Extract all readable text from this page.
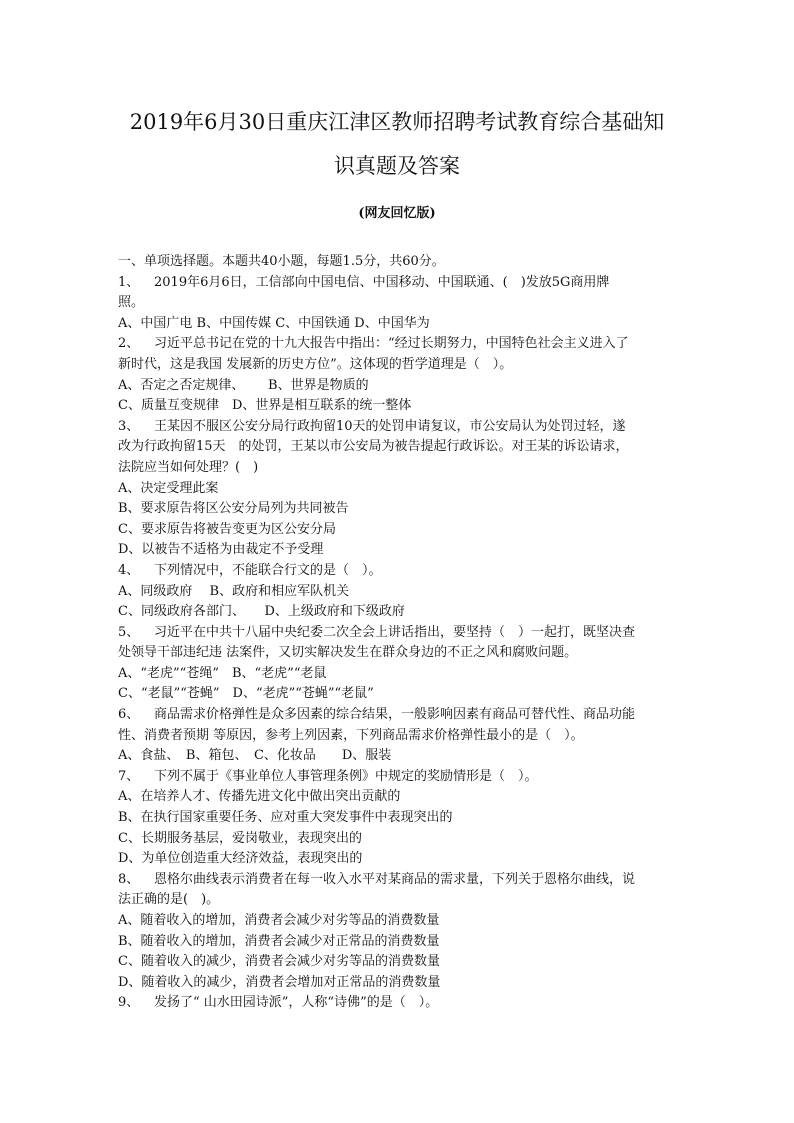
2019年6月30日重庆江津区教师招聘考试教育综合基础知
识真题及答案
(网友回忆版)
一、单项选择题。本题共40小题，每题1.5分，共60分。
1、 2019年6月6日，工信部向中国电信、中国移动、中国联通、(　)发放5G商用牌
照。
A、中国广电 B、中国传媒 C、中国铁通 D、中国华为
2、 习近平总书记在党的十九大报告中指出：“经过长期努力，中国特色社会主义进入了
新时代，这是我国 发展新的历史方位”。这体现的哲学道理是（　）。
A、否定之否定规律、　　 B、世界是物质的
C、质量互变规律　D、世界是相互联系的统一整体
3、 王某因不服区公安分局行政拘留10天的处罚申请复议，市公安局认为处罚过轻，遂
改为行政拘留15天　的处罚，王某以市公安局为被告提起行政诉讼。对王某的诉讼请求，
法院应当如何处理？(　)
A、决定受理此案
B、要求原告将区公安分局列为共同被告
C、要求原告将被告变更为区公安分局
D、以被告不适格为由裁定不予受理
4、 下列情况中，不能联合行文的是（　）。
A、同级政府　 B、政府和相应军队机关
C、同级政府各部门、　　D、上级政府和下级政府
5、 习近平在中共十八届中央纪委二次全会上讲话指出，要坚持（　）一起打，既坚决查
处领导干部违纪违 法案件，又切实解决发生在群众身边的不正之风和腐败问题。
A、“老虎”“苍绳”　B、“老虎”“老鼠
C、“老鼠”“苍蝇”　D、“老虎”“苍蝇”“老鼠”
6、 商品需求价格弹性是众多因素的综合结果，一般影响因素有商品可替代性、商品功能
性、消费者预期 等原因，参考上列因素，下列商品需求价格弹性最小的是（　）。
A、食盐、　B、箱包、　C、化妆品　　D、服装
7、 下列不属于《事业单位人事管理条例》中规定的奖励情形是（　）。
A、在培养人才、传播先进文化中做出突出贡献的
B、在执行国家重要任务、应对重大突发事件中表现突出的
C、长期服务基层，爱岗敬业，表现突出的
D、为单位创造重大经济效益，表现突出的
8、 恩格尔曲线表示消费者在每一收入水平对某商品的需求量，下列关于恩格尔曲线，说
法正确的是(　)。
A、随着收入的增加，消费者会减少对劣等品的消费数量
B、随着收入的增加，消费者会减少对正常品的消费数量
C、随着收入的减少，消费者会减少对劣等品的消费数量
D、随着收入的减少，消费者会增加对正常品的消费数量
9、 发扬了“ 山水田园诗派”，人称“诗佛”的是（　）。
